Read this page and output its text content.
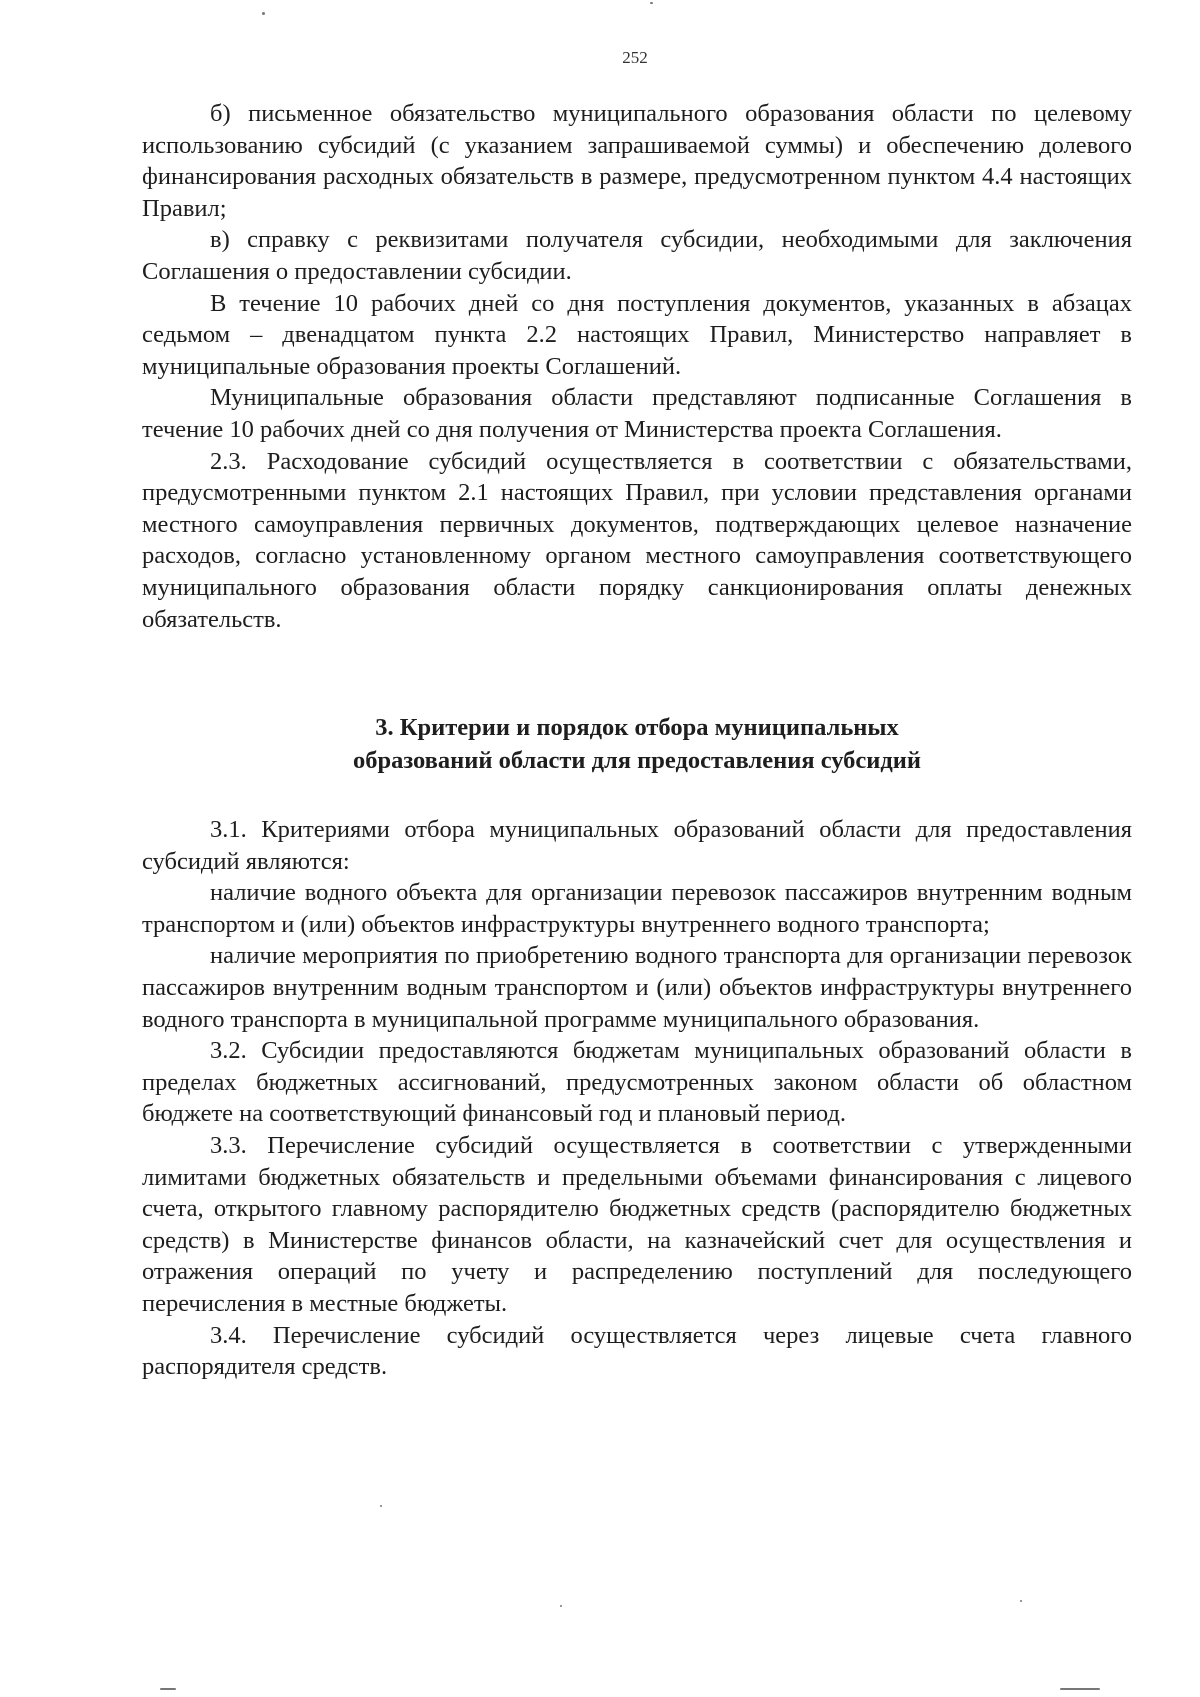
252

б) письменное обязательство муниципального образования области по целевому использованию субсидий (с указанием запрашиваемой суммы) и обеспечению долевого финансирования расходных обязательств в размере, предусмотренном пунктом 4.4 настоящих Правил;

в) справку с реквизитами получателя субсидии, необходимыми для заключения Соглашения о предоставлении субсидии.

В течение 10 рабочих дней со дня поступления документов, указанных в абзацах седьмом – двенадцатом пункта 2.2 настоящих Правил, Министерство направляет в муниципальные образования проекты Соглашений.

Муниципальные образования области представляют подписанные Соглашения в течение 10 рабочих дней со дня получения от Министерства проекта Соглашения.

2.3. Расходование субсидий осуществляется в соответствии с обязательствами, предусмотренными пунктом 2.1 настоящих Правил, при условии представления органами местного самоуправления первичных документов, подтверждающих целевое назначение расходов, согласно установленному органом местного самоуправления соответствующего муниципального образования области порядку санкционирования оплаты денежных обязательств.

3. Критерии и порядок отбора муниципальных
образований области для предоставления субсидий

3.1. Критериями отбора муниципальных образований области для предоставления субсидий являются:

наличие водного объекта для организации перевозок пассажиров внутренним водным транспортом и (или) объектов инфраструктуры внутреннего водного транспорта;

наличие мероприятия по приобретению водного транспорта для организации перевозок пассажиров внутренним водным транспортом и (или) объектов инфраструктуры внутреннего водного транспорта в муниципальной программе муниципального образования.

3.2. Субсидии предоставляются бюджетам муниципальных образований области в пределах бюджетных ассигнований, предусмотренных законом области об областном бюджете на соответствующий финансовый год и плановый период.

3.3. Перечисление субсидий осуществляется в соответствии с утвержденными лимитами бюджетных обязательств и предельными объемами финансирования с лицевого счета, открытого главному распорядителю бюджетных средств (распорядителю бюджетных средств) в Министерстве финансов области, на казначейский счет для осуществления и отражения операций по учету и распределению поступлений для последующего перечисления в местные бюджеты.

3.4. Перечисление субсидий осуществляется через лицевые счета главного распорядителя средств.
